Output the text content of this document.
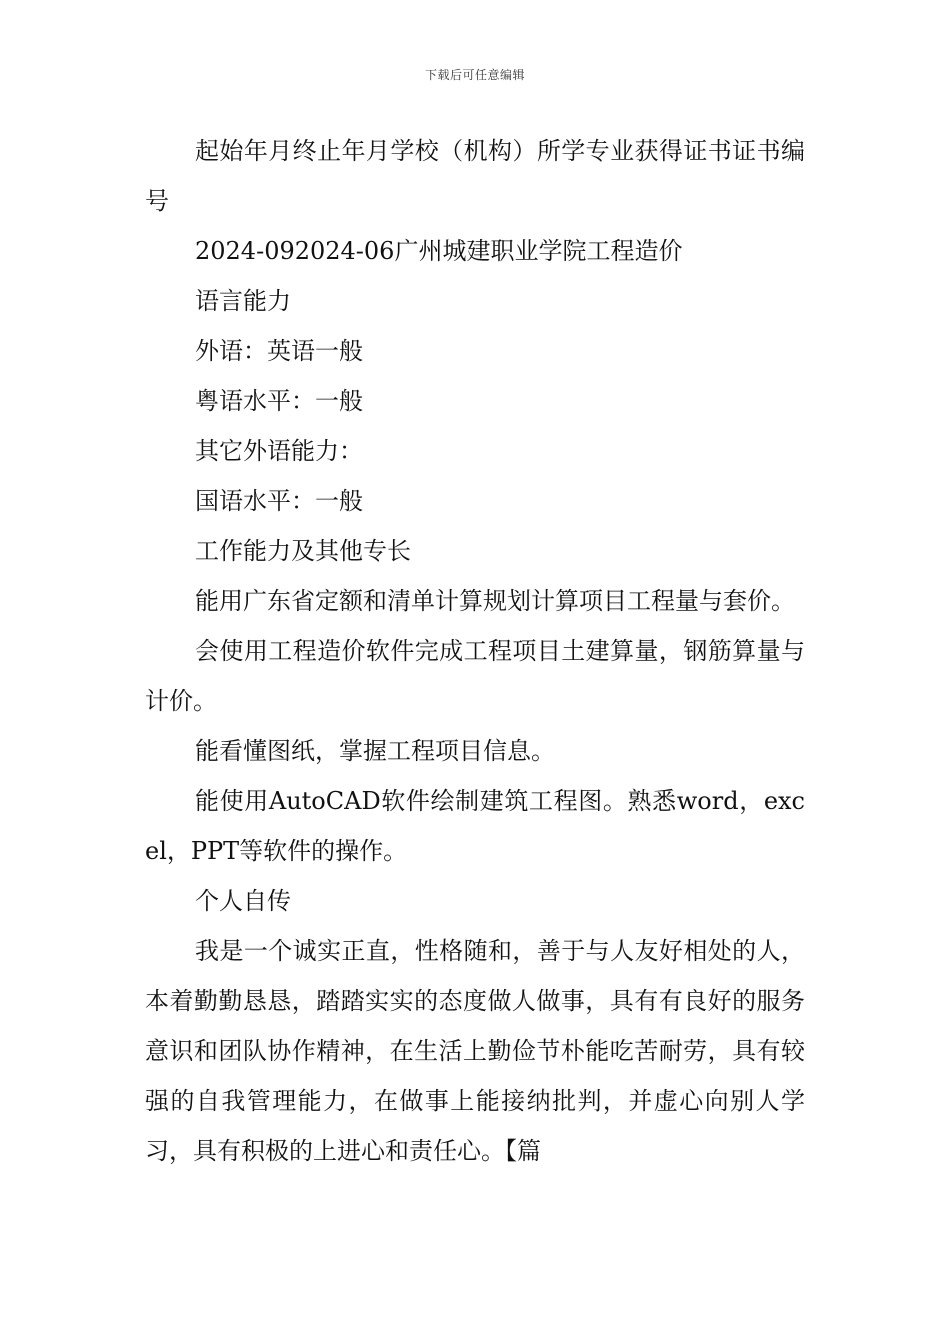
下载后可任意编辑

起始年月终止年月学校（机构）所学专业获得证书证书编号

2024-092024-06广州城建职业学院工程造价

语言能力

外语：英语一般

粤语水平：一般

其它外语能力：

国语水平：一般

工作能力及其他专长

能用广东省定额和清单计算规划计算项目工程量与套价。

会使用工程造价软件完成工程项目土建算量，钢筋算量与计价。

能看懂图纸，掌握工程项目信息。

能使用AutoCAD软件绘制建筑工程图。熟悉word，excel，PPT等软件的操作。

个人自传

我是一个诚实正直，性格随和，善于与人友好相处的人，本着勤勤恳恳，踏踏实实的态度做人做事，具有有良好的服务意识和团队协作精神，在生活上勤俭节朴能吃苦耐劳，具有较强的自我管理能力，在做事上能接纳批判，并虚心向别人学习，具有积极的上进心和责任心。【篇
